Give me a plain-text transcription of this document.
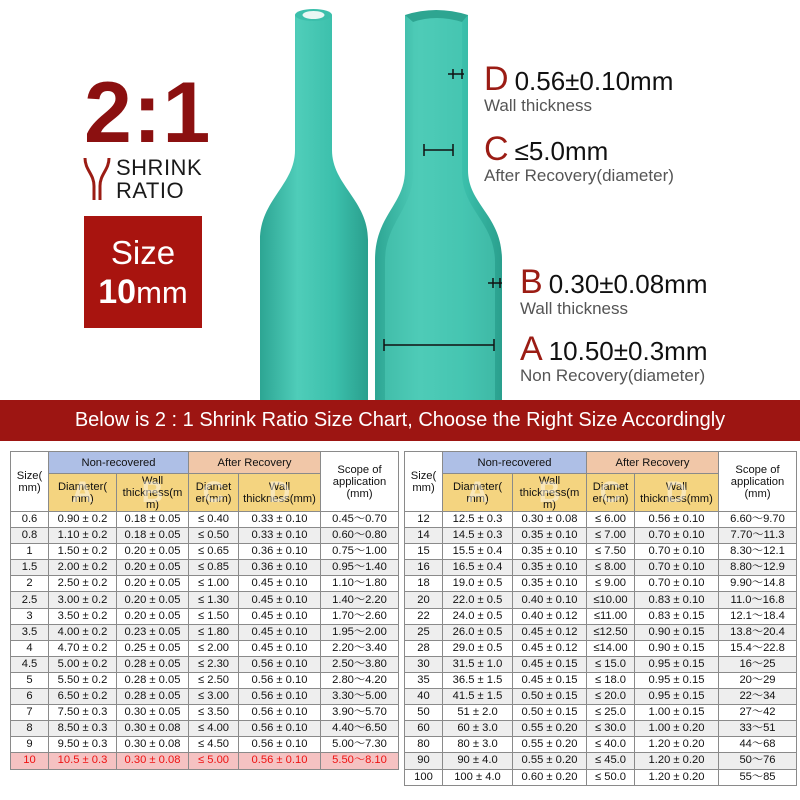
2:1
SHRINK
RATIO
Size
10mm
D 0.56±0.10mm
Wall thickness
C ≤5.0mm
After Recovery(diameter)
B 0.30±0.08mm
Wall thickness
A 10.50±0.3mm
Non Recovery(diameter)
Below is 2 : 1 Shrink Ratio Size Chart, Choose the Right Size Accordingly
Size( mm)	Non-recovered		After Recovery		Scope of application (mm)
	A Diameter( mm)	B Wall thickness(m m)	C Diamet er(mm)	D Wall thickness(mm)
0.6	0.90 ± 0.2	0.18 ± 0.05	≤ 0.40	0.33 ± 0.10	0.45～0.70
0.8	1.10 ± 0.2	0.18 ± 0.05	≤ 0.50	0.33 ± 0.10	0.60～0.80
1	1.50 ± 0.2	0.20 ± 0.05	≤ 0.65	0.36 ± 0.10	0.75～1.00
1.5	2.00 ± 0.2	0.20 ± 0.05	≤ 0.85	0.36 ± 0.10	0.95～1.40
2	2.50 ± 0.2	0.20 ± 0.05	≤ 1.00	0.45 ± 0.10	1.10～1.80
2.5	3.00 ± 0.2	0.20 ± 0.05	≤ 1.30	0.45 ± 0.10	1.40～2.20
3	3.50 ± 0.2	0.20 ± 0.05	≤ 1.50	0.45 ± 0.10	1.70～2.60
3.5	4.00 ± 0.2	0.23 ± 0.05	≤ 1.80	0.45 ± 0.10	1.95～2.00
4	4.70 ± 0.2	0.25 ± 0.05	≤ 2.00	0.45 ± 0.10	2.20～3.40
4.5	5.00 ± 0.2	0.28 ± 0.05	≤ 2.30	0.56 ± 0.10	2.50～3.80
5	5.50 ± 0.2	0.28 ± 0.05	≤ 2.50	0.56 ± 0.10	2.80～4.20
6	6.50 ± 0.2	0.28 ± 0.05	≤ 3.00	0.56 ± 0.10	3.30～5.00
7	7.50 ± 0.3	0.30 ± 0.05	≤ 3.50	0.56 ± 0.10	3.90～5.70
8	8.50 ± 0.3	0.30 ± 0.08	≤ 4.00	0.56 ± 0.10	4.40～6.50
9	9.50 ± 0.3	0.30 ± 0.08	≤ 4.50	0.56 ± 0.10	5.00～7.30
10	10.5 ± 0.3	0.30 ± 0.08	≤ 5.00	0.56 ± 0.10	5.50～8.10
Size( mm)	Non-recovered		After Recovery		Scope of application (mm)
	A Diameter( mm)	B Wall thickness(m m)	C Diamet er(mm)	D Wall thickness(mm)
12	12.5 ± 0.3	0.30 ± 0.08	≤ 6.00	0.56 ± 0.10	6.60～9.70
14	14.5 ± 0.3	0.35 ± 0.10	≤ 7.00	0.70 ± 0.10	7.70～11.3
15	15.5 ± 0.4	0.35 ± 0.10	≤ 7.50	0.70 ± 0.10	8.30～12.1
16	16.5 ± 0.4	0.35 ± 0.10	≤ 8.00	0.70 ± 0.10	8.80～12.9
18	19.0 ± 0.5	0.35 ± 0.10	≤ 9.00	0.70 ± 0.10	9.90～14.8
20	22.0 ± 0.5	0.40 ± 0.10	≤10.00	0.83 ± 0.10	11.0～16.8
22	24.0 ± 0.5	0.40 ± 0.12	≤11.00	0.83 ± 0.15	12.1～18.4
25	26.0 ± 0.5	0.45 ± 0.12	≤12.50	0.90 ± 0.15	13.8～20.4
28	29.0 ± 0.5	0.45 ± 0.12	≤14.00	0.90 ± 0.15	15.4～22.8
30	31.5 ± 1.0	0.45 ± 0.15	≤ 15.0	0.95 ± 0.15	16～25
35	36.5 ± 1.5	0.45 ± 0.15	≤ 18.0	0.95 ± 0.15	20～29
40	41.5 ± 1.5	0.50 ± 0.15	≤ 20.0	0.95 ± 0.15	22～34
50	51 ± 2.0	0.50 ± 0.15	≤ 25.0	1.00 ± 0.15	27～42
60	60 ± 3.0	0.55 ± 0.20	≤ 30.0	1.00 ± 0.20	33～51
80	80 ± 3.0	0.55 ± 0.20	≤ 40.0	1.20 ± 0.20	44～68
90	90 ± 4.0	0.55 ± 0.20	≤ 45.0	1.20 ± 0.20	50～76
100	100 ± 4.0	0.60 ± 0.20	≤ 50.0	1.20 ± 0.20	55～85
